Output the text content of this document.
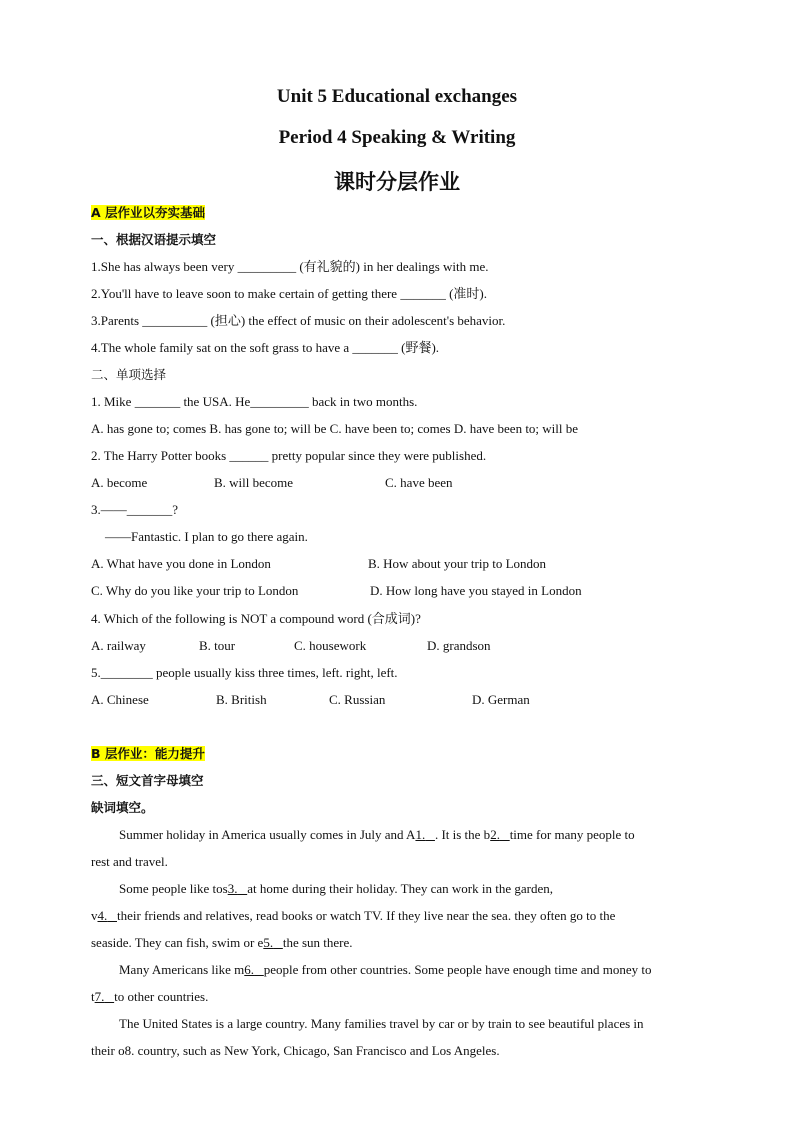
Unit 5 Educational exchanges
Period 4 Speaking & Writing
课时分层作业
A 层作业以夯实基础
一、根据汉语提示填空
1.She has always been very _________ (有礼貌的) in her dealings with me.
2.You'll have to leave soon to make certain of getting there _______ (准时).
3.Parents __________ (担心) the effect of music on their adolescent's behavior.
4.The whole family sat on the soft grass to have a _______ (野餐).
二、单项选择
1. Mike _______ the USA. He_________ back in two months.
A. has gone to; comes B. has gone to; will be C. have been to; comes D. have been to; will be
2. The Harry Potter books ______ pretty popular since they were published.
A. become	B. will become	C. have been
3.——_______?
——Fantastic. I plan to go there again.
A. What have you done in London	B. How about your trip to London
C. Why do you like your trip to London	D. How long have you stayed in London
4. Which of the following is NOT a compound word (合成词)?
A. railway	B. tour	C. housework	D. grandson
5.________ people usually kiss three times, left. right, left.
A. Chinese	B. British	C. Russian	D. German
B 层作业：能力提升
三、短文首字母填空
缺词填空。
Summer holiday in America usually comes in July and A1. . It is the b2. time for many people to
rest and travel.
Some people like tos3. at home during their holiday. They can work in the garden,
v4. their friends and relatives, read books or watch TV. If they live near the sea. they often go to the
seaside. They can fish, swim or e5. the sun there.
Many Americans like m6. people from other countries. Some people have enough time and money to
t7. to other countries.
The United States is a large country. Many families travel by car or by train to see beautiful places in
their o8. country, such as New York, Chicago, San Francisco and Los Angeles.
